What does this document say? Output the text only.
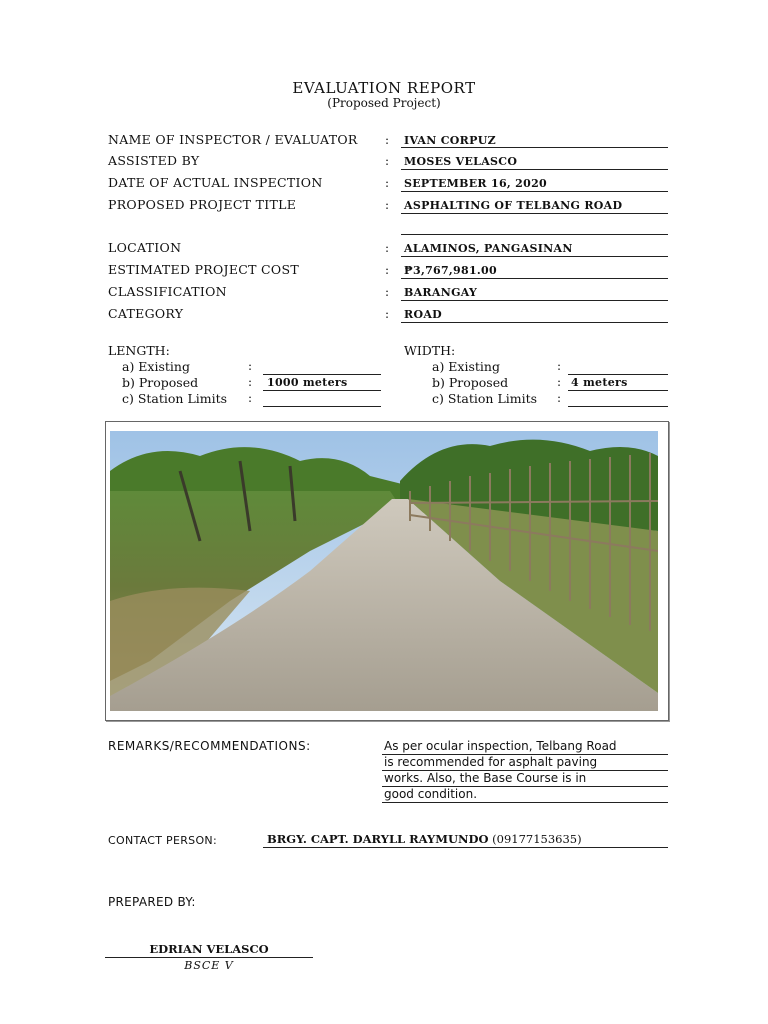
EVALUATION REPORT
(Proposed Project)
NAME OF INSPECTOR / EVALUATOR : IVAN CORPUZ
ASSISTED BY	: MOSES VELASCO
DATE OF ACTUAL INSPECTION	: SEPTEMBER 16, 2020
PROPOSED PROJECT TITLE	: ASPHALTING OF TELBANG ROAD
LOCATION	: ALAMINOS, PANGASINAN
ESTIMATED PROJECT COST	: ₱3,767,981.00
CLASSIFICATION	: BARANGAY
CATEGORY	: ROAD
LENGTH:
a) Existing	:
b) Proposed	: 1000 meters
c) Station Limits :
WIDTH:
a) Existing	:
b) Proposed	: 4 meters
c) Station Limits :
REMARKS/RECOMMENDATIONS:	As per ocular inspection, Telbang Road
is recommended for asphalt paving
works. Also, the Base Course is in
good condition.
CONTACT PERSON:	BRGY. CAPT. DARYLL RAYMUNDO (09177153635)
PREPARED BY:
EDRIAN VELASCO
BSCE V
